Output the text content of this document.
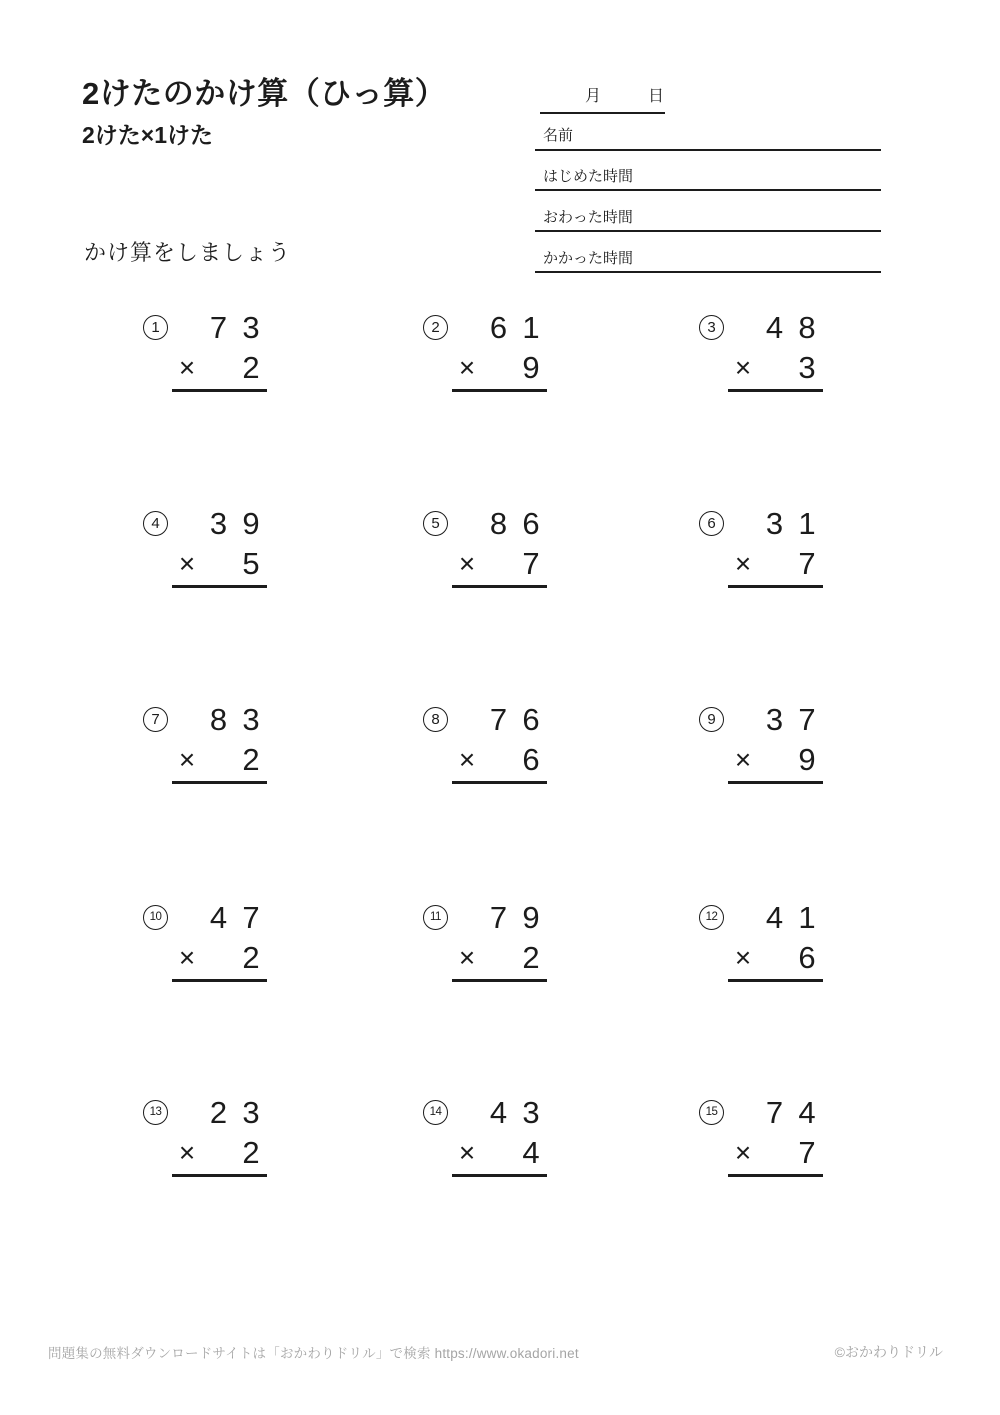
2けたのかけ算（ひっ算）
2けた×1けた
かけ算をしましょう
月	日
名前
はじめた時間
おわった時間
かかった時間
1 7 3
× 2
2 6 1
× 9
3 4 8
× 3
4 3 9
× 5
5 8 6
× 7
6 3 1
× 7
7 8 3
× 2
8 7 6
× 6
9 3 7
× 9
10 4 7
× 2
11 7 9
× 2
12 4 1
× 6
13 2 3
× 2
14 4 3
× 4
15 7 4
× 7
問題集の無料ダウンロードサイトは「おかわりドリル」で検索 https://www.okadori.net	©おかわりドリル
